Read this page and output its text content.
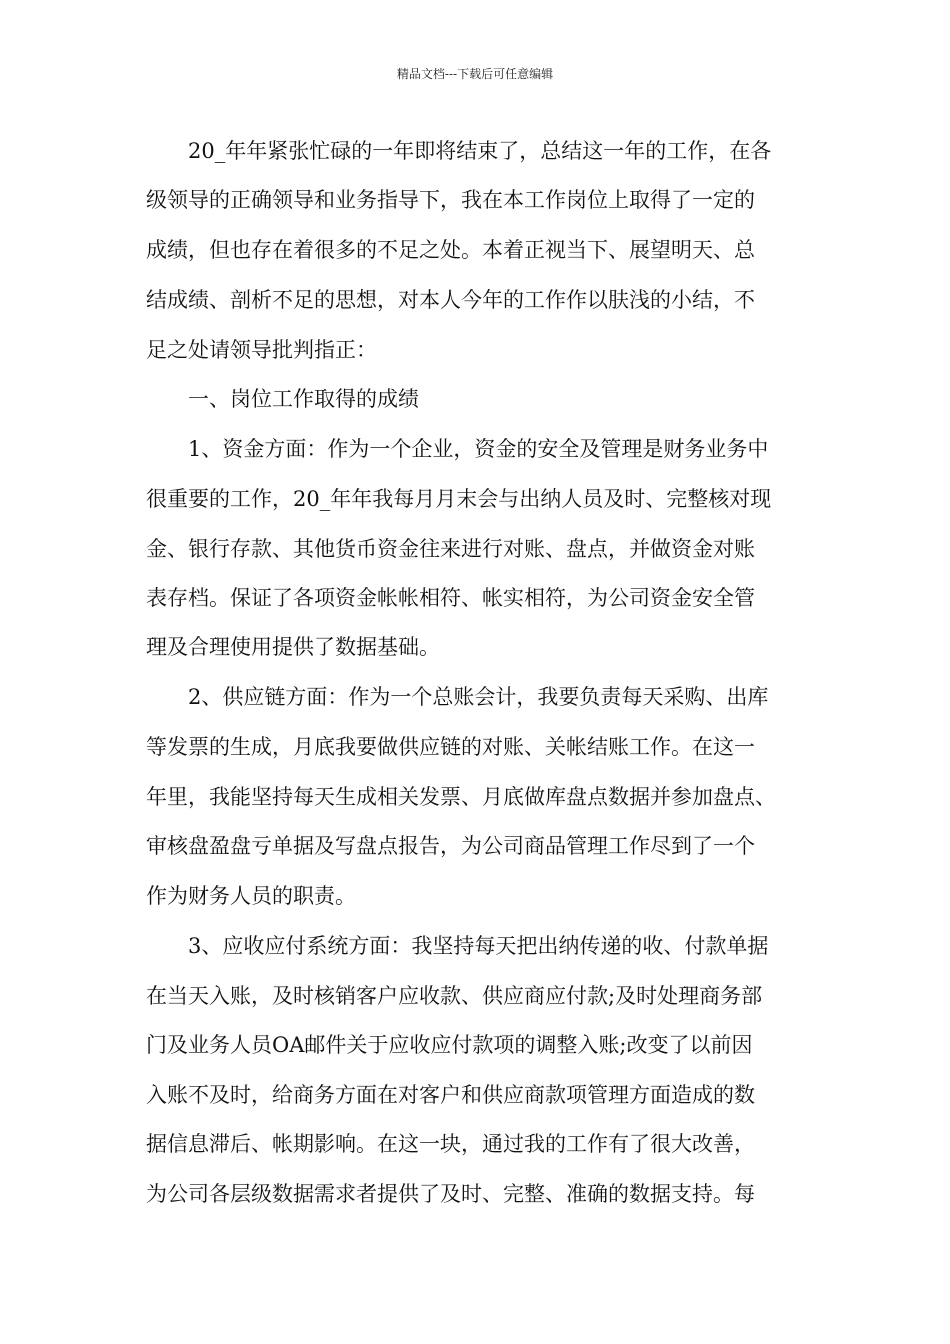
精品文档---下载后可任意编辑
20_年年紧张忙碌的一年即将结束了，总结这一年的工作，在各
级领导的正确领导和业务指导下，我在本工作岗位上取得了一定的
成绩，但也存在着很多的不足之处。本着正视当下、展望明天、总
结成绩、剖析不足的思想，对本人今年的工作作以肤浅的小结，不
足之处请领导批判指正：
一、岗位工作取得的成绩
1、资金方面：作为一个企业，资金的安全及管理是财务业务中
很重要的工作，20_年年我每月月末会与出纳人员及时、完整核对现
金、银行存款、其他货币资金往来进行对账、盘点，并做资金对账
表存档。保证了各项资金帐帐相符、帐实相符，为公司资金安全管
理及合理使用提供了数据基础。
2、供应链方面：作为一个总账会计，我要负责每天采购、出库
等发票的生成，月底我要做供应链的对账、关帐结账工作。在这一
年里，我能坚持每天生成相关发票、月底做库盘点数据并参加盘点、
审核盘盈盘亏单据及写盘点报告，为公司商品管理工作尽到了一个
作为财务人员的职责。
3、应收应付系统方面：我坚持每天把出纳传递的收、付款单据
在当天入账，及时核销客户应收款、供应商应付款;及时处理商务部
门及业务人员OA邮件关于应收应付款项的调整入账;改变了以前因
入账不及时，给商务方面在对客户和供应商款项管理方面造成的数
据信息滞后、帐期影响。在这一块，通过我的工作有了很大改善，
为公司各层级数据需求者提供了及时、完整、准确的数据支持。每
